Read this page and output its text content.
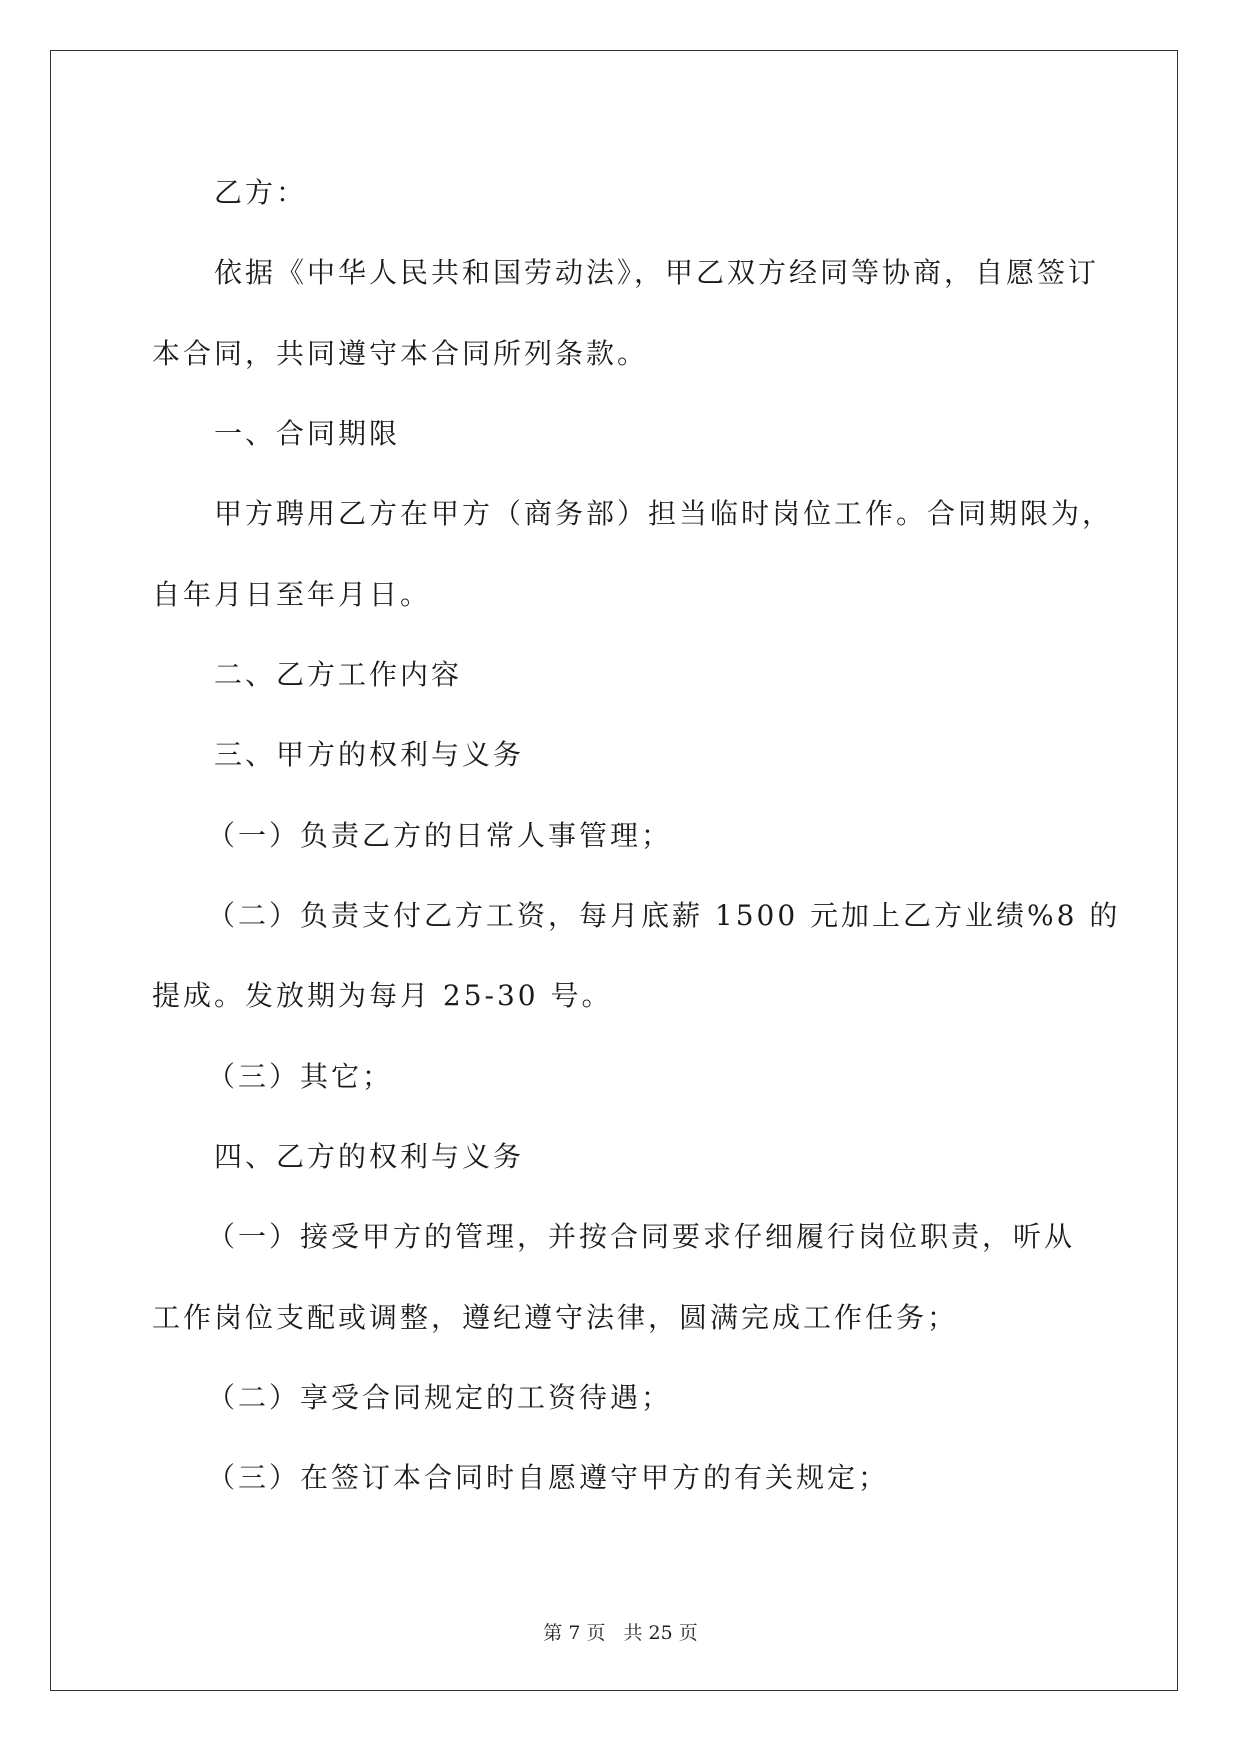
乙方：
依据《中华人民共和国劳动法》，甲乙双方经同等协商，自愿签订
本合同，共同遵守本合同所列条款。
一、合同期限
甲方聘用乙方在甲方（商务部）担当临时岗位工作。合同期限为，
自年月日至年月日。
二、乙方工作内容
三、甲方的权利与义务
（一）负责乙方的日常人事管理；
（二）负责支付乙方工资，每月底薪 1500 元加上乙方业绩%8 的
提成。发放期为每月 25-30 号。
（三）其它；
四、乙方的权利与义务
（一）接受甲方的管理，并按合同要求仔细履行岗位职责，听从
工作岗位支配或调整，遵纪遵守法律，圆满完成工作任务；
（二）享受合同规定的工资待遇；
（三）在签订本合同时自愿遵守甲方的有关规定；
第 7 页 共 25 页
